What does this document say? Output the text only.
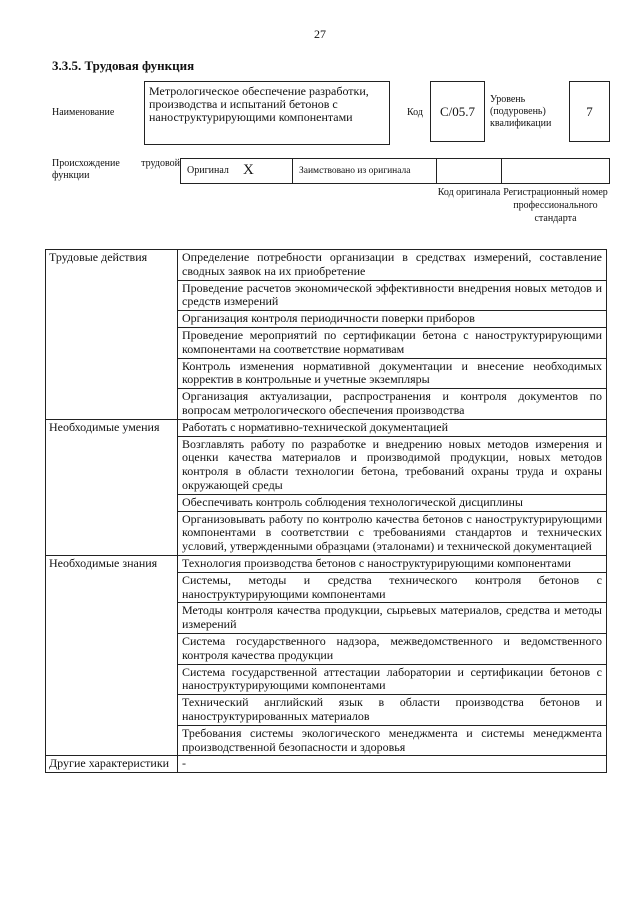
27
3.3.5. Трудовая функция
Наименование
Метрологическое обеспечение разработки, производства и испытаний бетонов с наноструктурирующими компонентами	Код С/05.7
Уровень (подуровень) квалификации
7
Происхождение трудовой функции	Оригинал X	Заимствовано из оригинала
Код оригинала Регистрационный номер профессионального стандарта
Трудовые действия	Определение потребности организации в средствах измерений, составление сводных заявок на их приобретение
	Проведение расчетов экономической эффективности внедрения новых методов и средств измерений
	Организация контроля периодичности поверки приборов
	Проведение мероприятий по сертификации бетона с наноструктурирующими компонентами на соответствие нормативам
	Контроль изменения нормативной документации и внесение необходимых корректив в контрольные и учетные экземпляры
	Организация актуализации, распространения и контроля документов по вопросам метрологического обеспечения производства
Необходимые умения	Работать с нормативно-технической документацией
	Возглавлять работу по разработке и внедрению новых методов измерения и оценки качества материалов и производимой продукции, новых методов контроля в области технологии бетона, требований охраны труда и охраны окружающей среды
	Обеспечивать контроль соблюдения технологической дисциплины
	Организовывать работу по контролю качества бетонов с наноструктурирующими компонентами в соответствии с требованиями стандартов и технических условий, утвержденными образцами (эталонами) и технической документацией
Необходимые знания	Технология производства бетонов с наноструктурирующими компонентами
	Системы, методы и средства технического контроля бетонов с наноструктурирующими компонентами
	Методы контроля качества продукции, сырьевых материалов, средства и методы измерений
	Система государственного надзора, межведомственного и ведомственного контроля качества продукции
	Система государственной аттестации лаборатории и сертификации бетонов с наноструктурирующими компонентами
	Технический английский язык в области производства бетонов и наноструктурированных материалов
	Требования системы экологического менеджмента и системы менеджмента производственной безопасности и здоровья
Другие характеристики	-
